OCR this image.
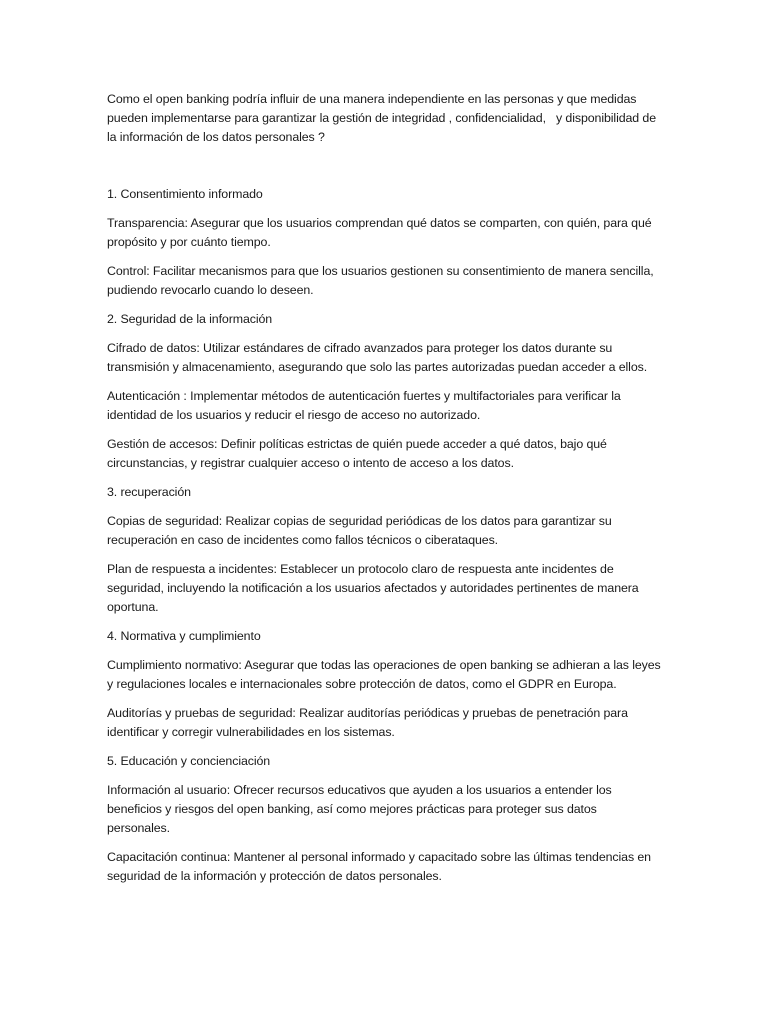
Como el open banking podría influir de una manera independiente en las personas y que medidas pueden implementarse para garantizar la gestión de integridad , confidencialidad,   y disponibilidad de la información de los datos personales ?

1. Consentimiento informado

Transparencia: Asegurar que los usuarios comprendan qué datos se comparten, con quién, para qué propósito y por cuánto tiempo.

Control: Facilitar mecanismos para que los usuarios gestionen su consentimiento de manera sencilla, pudiendo revocarlo cuando lo deseen.

2. Seguridad de la información

Cifrado de datos: Utilizar estándares de cifrado avanzados para proteger los datos durante su transmisión y almacenamiento, asegurando que solo las partes autorizadas puedan acceder a ellos.

Autenticación : Implementar métodos de autenticación fuertes y multifactoriales para verificar la identidad de los usuarios y reducir el riesgo de acceso no autorizado.

Gestión de accesos: Definir políticas estrictas de quién puede acceder a qué datos, bajo qué circunstancias, y registrar cualquier acceso o intento de acceso a los datos.

3. recuperación

Copias de seguridad: Realizar copias de seguridad periódicas de los datos para garantizar su recuperación en caso de incidentes como fallos técnicos o ciberataques.

Plan de respuesta a incidentes: Establecer un protocolo claro de respuesta ante incidentes de seguridad, incluyendo la notificación a los usuarios afectados y autoridades pertinentes de manera oportuna.

4. Normativa y cumplimiento

Cumplimiento normativo: Asegurar que todas las operaciones de open banking se adhieran a las leyes y regulaciones locales e internacionales sobre protección de datos, como el GDPR en Europa.

Auditorías y pruebas de seguridad: Realizar auditorías periódicas y pruebas de penetración para identificar y corregir vulnerabilidades en los sistemas.

5. Educación y concienciación

Información al usuario: Ofrecer recursos educativos que ayuden a los usuarios a entender los beneficios y riesgos del open banking, así como mejores prácticas para proteger sus datos personales.

Capacitación continua: Mantener al personal informado y capacitado sobre las últimas tendencias en seguridad de la información y protección de datos personales.
